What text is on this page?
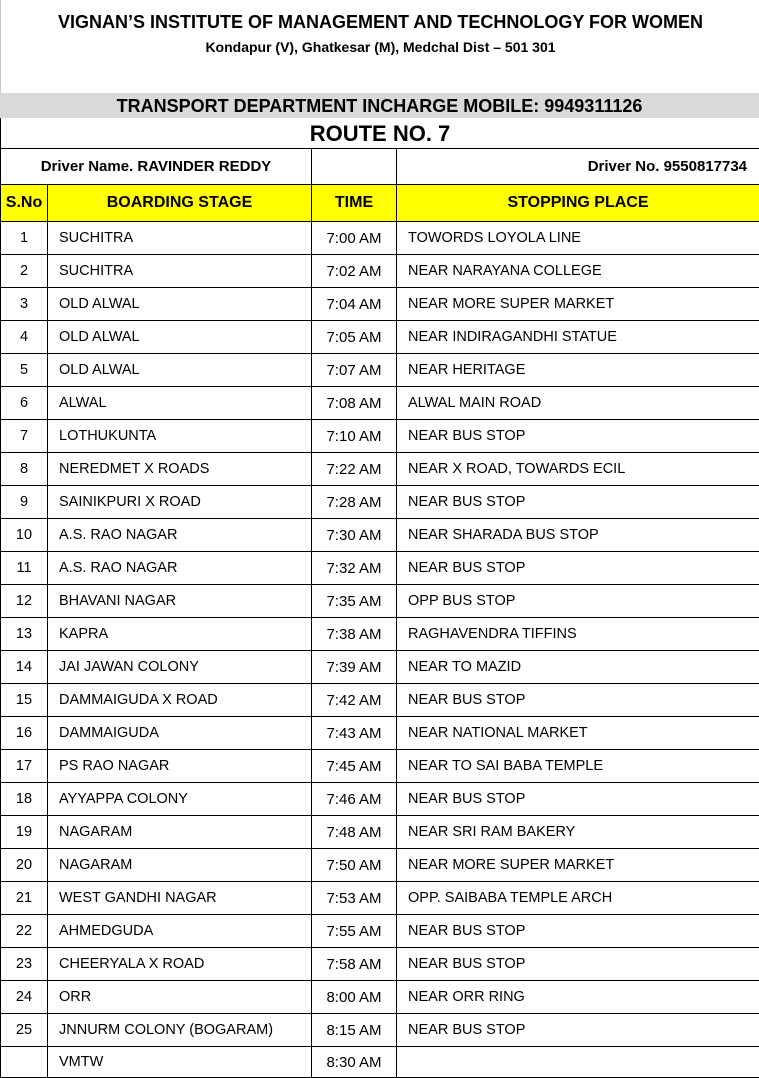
VIGNAN’S INSTITUTE OF MANAGEMENT AND TECHNOLOGY FOR WOMEN
Kondapur (V), Ghatkesar (M), Medchal Dist – 501 301
TRANSPORT DEPARTMENT INCHARGE MOBILE: 9949311126
ROUTE NO. 7
Driver Name. RAVINDER REDDY			Driver No. 9550817734
S.No	BOARDING STAGE	TIME	STOPPING PLACE
1	SUCHITRA	7:00 AM	TOWORDS LOYOLA LINE
2	SUCHITRA	7:02 AM	NEAR NARAYANA COLLEGE
3	OLD ALWAL	7:04 AM	NEAR MORE SUPER MARKET
4	OLD ALWAL	7:05 AM	NEAR INDIRAGANDHI STATUE
5	OLD ALWAL	7:07 AM	NEAR HERITAGE
6	ALWAL	7:08 AM	ALWAL MAIN ROAD
7	LOTHUKUNTA	7:10 AM	NEAR BUS STOP
8	NEREDMET X ROADS	7:22 AM	NEAR X ROAD, TOWARDS ECIL
9	SAINIKPURI X ROAD	7:28 AM	NEAR BUS STOP
10	A.S. RAO NAGAR	7:30 AM	NEAR SHARADA BUS STOP
11	A.S. RAO NAGAR	7:32 AM	NEAR BUS STOP
12	BHAVANI NAGAR	7:35 AM	OPP BUS STOP
13	KAPRA	7:38 AM	RAGHAVENDRA TIFFINS
14	JAI JAWAN COLONY	7:39 AM	NEAR TO MAZID
15	DAMMAIGUDA X ROAD	7:42 AM	NEAR BUS STOP
16	DAMMAIGUDA	7:43 AM	NEAR NATIONAL MARKET
17	PS RAO NAGAR	7:45 AM	NEAR TO SAI BABA TEMPLE
18	AYYAPPA COLONY	7:46 AM	NEAR BUS STOP
19	NAGARAM	7:48 AM	NEAR SRI RAM BAKERY
20	NAGARAM	7:50 AM	NEAR MORE SUPER MARKET
21	WEST GANDHI NAGAR	7:53 AM	OPP. SAIBABA TEMPLE ARCH
22	AHMEDGUDA	7:55 AM	NEAR BUS STOP
23	CHEERYALA X ROAD	7:58 AM	NEAR BUS STOP
24	ORR	8:00 AM	NEAR ORR RING
25	JNNURM COLONY (BOGARAM)	8:15 AM	NEAR BUS STOP
	VMTW	8:30 AM	
